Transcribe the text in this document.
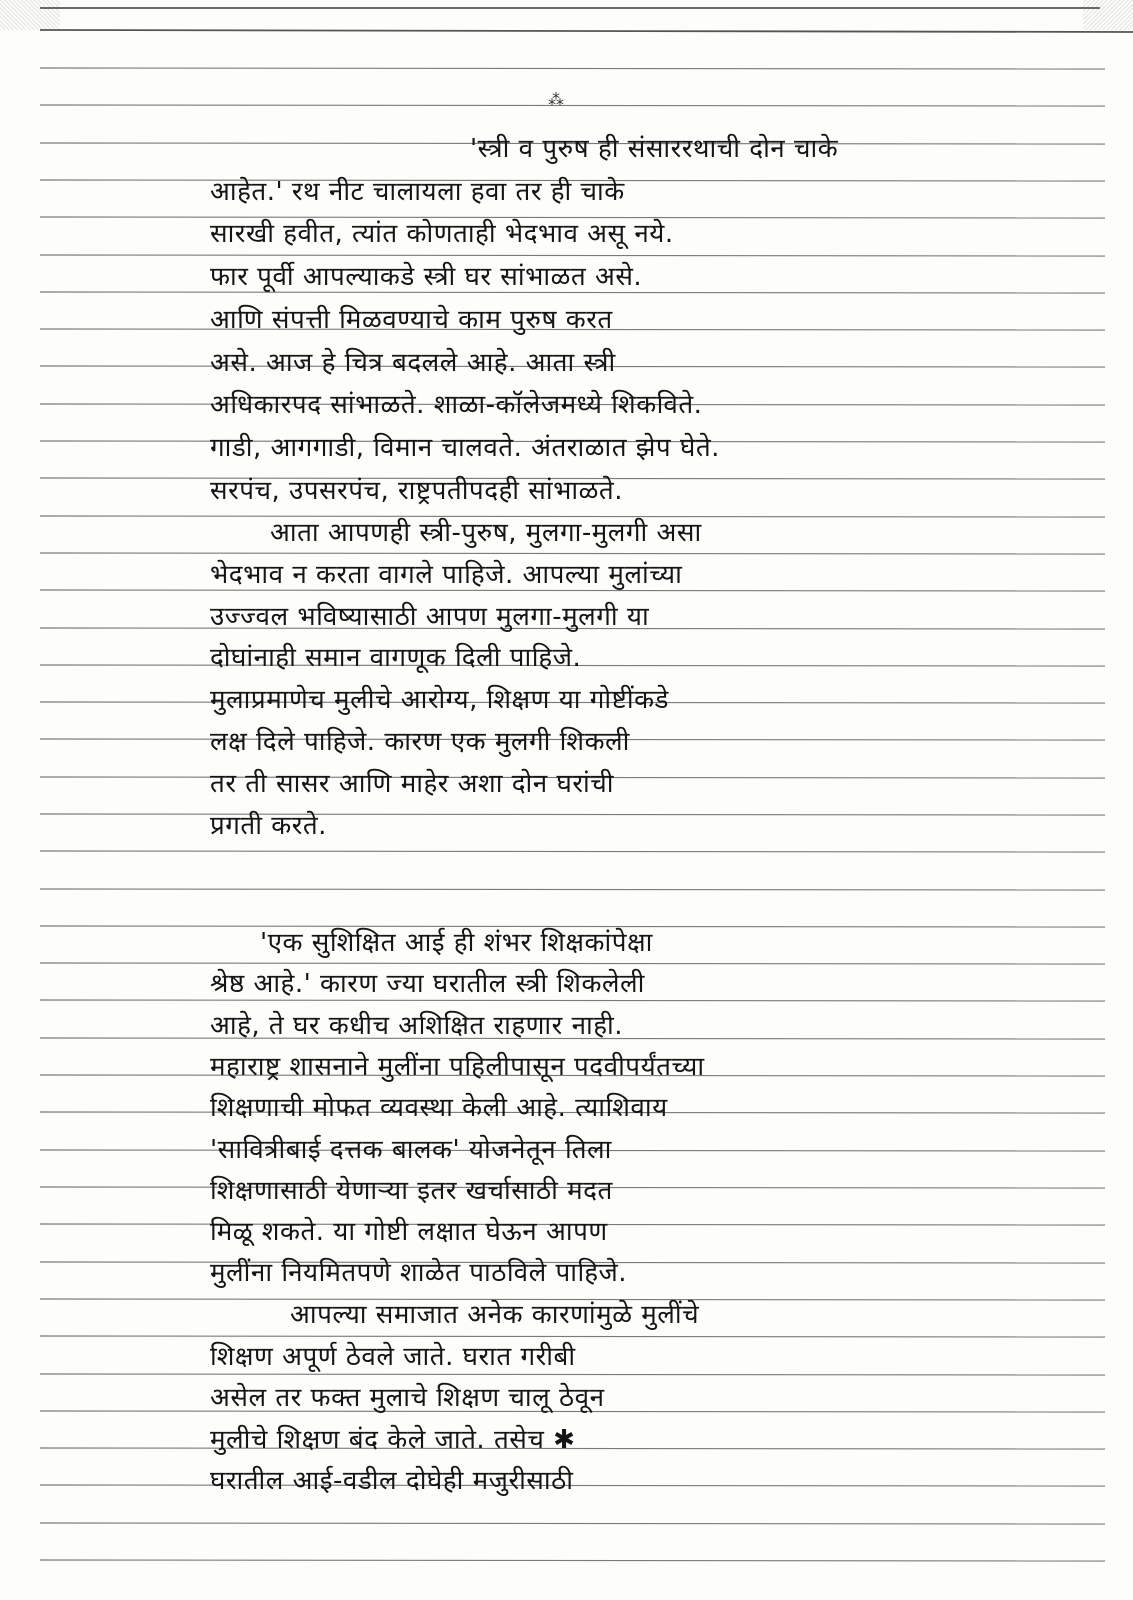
⁂
'स्त्री व पुरुष ही संसाररथाची दोन चाके
आहेत.' रथ नीट चालायला हवा तर ही चाके
सारखी हवीत, त्यांत कोणताही भेदभाव असू नये.
फार पूर्वी आपल्याकडे स्त्री घर सांभाळत असे.
आणि संपत्ती मिळवण्याचे काम पुरुष करत
असे. आज हे चित्र बदलले आहे. आता स्त्री
अधिकारपद सांभाळते. शाळा-कॉलेजमध्ये शिकविते.
गाडी, आगगाडी, विमान चालवते. अंतराळात झेप घेते.
सरपंच, उपसरपंच, राष्ट्रपतीपदही सांभाळते.
आता आपणही स्त्री-पुरुष, मुलगा-मुलगी असा
भेदभाव न करता वागले पाहिजे. आपल्या मुलांच्या
उज्ज्वल भविष्यासाठी आपण मुलगा-मुलगी या
दोघांनाही समान वागणूक दिली पाहिजे.
मुलाप्रमाणेच मुलीचे आरोग्य, शिक्षण या गोष्टींकडे
लक्ष दिले पाहिजे. कारण एक मुलगी शिकली
तर ती सासर आणि माहेर अशा दोन घरांची
प्रगती करते.
'एक सुशिक्षित आई ही शंभर शिक्षकांपेक्षा
श्रेष्ठ आहे.' कारण ज्या घरातील स्त्री शिकलेली
आहे, ते घर कधीच अशिक्षित राहणार नाही.
महाराष्ट्र शासनाने मुलींना पहिलीपासून पदवीपर्यंतच्या
शिक्षणाची मोफत व्यवस्था केली आहे. त्याशिवाय
'सावित्रीबाई दत्तक बालक' योजनेतून तिला
शिक्षणासाठी येणाऱ्या इतर खर्चासाठी मदत
मिळू शकते. या गोष्टी लक्षात घेऊन आपण
मुलींना नियमितपणे शाळेत पाठविले पाहिजे.
आपल्या समाजात अनेक कारणांमुळे मुलींचे
शिक्षण अपूर्ण ठेवले जाते. घरात गरीबी
असेल तर फक्त मुलाचे शिक्षण चालू ठेवून
मुलीचे शिक्षण बंद केले जाते. तसेच ✱
घरातील आई-वडील दोघेही मजुरीसाठी
